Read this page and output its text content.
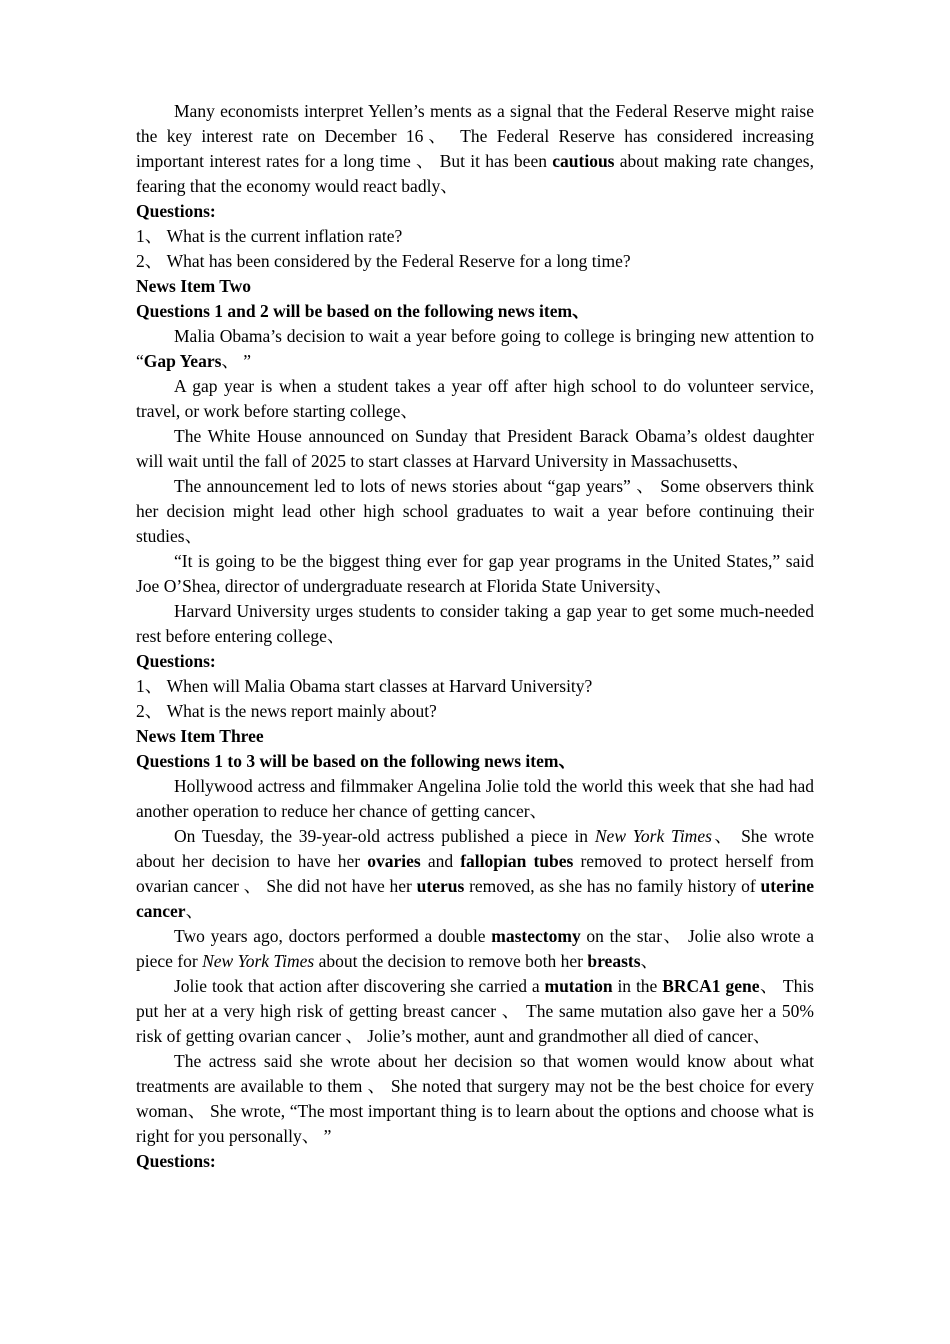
Many economists interpret Yellen’s ments as a signal that the Federal Reserve might raise the key interest rate on December 16、 The Federal Reserve has considered increasing important interest rates for a long time 、 But it has been cautious about making rate changes, fearing that the economy would react badly、

Questions:

1、 What is the current inflation rate?

2、 What has been considered by the Federal Reserve for a long time?

News Item Two

Questions 1 and 2 will be based on the following news item、

Malia Obama’s decision to wait a year before going to college is bringing new attention to “Gap Years、 ”

A gap year is when a student takes a year off after high school to do volunteer service, travel, or work before starting college、

The White House announced on Sunday that President Barack Obama’s oldest daughter will wait until the fall of 2025 to start classes at Harvard University in Massachusetts、

The announcement led to lots of news stories about “gap years” 、 Some observers think her decision might lead other high school graduates to wait a year before continuing their studies、

“It is going to be the biggest thing ever for gap year programs in the United States,” said Joe O’Shea, director of undergraduate research at Florida State University、

Harvard University urges students to consider taking a gap year to get some much-needed rest before entering college、

Questions:

1、 When will Malia Obama start classes at Harvard University?

2、 What is the news report mainly about?

News Item Three

Questions 1 to 3 will be based on the following news item、

Hollywood actress and filmmaker Angelina Jolie told the world this week that she had had another operation to reduce her chance of getting cancer、

On Tuesday, the 39-year-old actress published a piece in New York Times、 She wrote about her decision to have her ovaries and fallopian tubes removed to protect herself from ovarian cancer 、 She did not have her uterus removed, as she has no family history of uterine cancer、

Two years ago, doctors performed a double mastectomy on the star、 Jolie also wrote a piece for New York Times about the decision to remove both her breasts、

Jolie took that action after discovering she carried a mutation in the BRCA1 gene、 This put her at a very high risk of getting breast cancer 、 The same mutation also gave her a 50% risk of getting ovarian cancer 、 Jolie’s mother, aunt and grandmother all died of cancer、

The actress said she wrote about her decision so that women would know about what treatments are available to them 、 She noted that surgery may not be the best choice for every woman、 She wrote, “The most important thing is to learn about the options and choose what is right for you personally、 ”

Questions:
